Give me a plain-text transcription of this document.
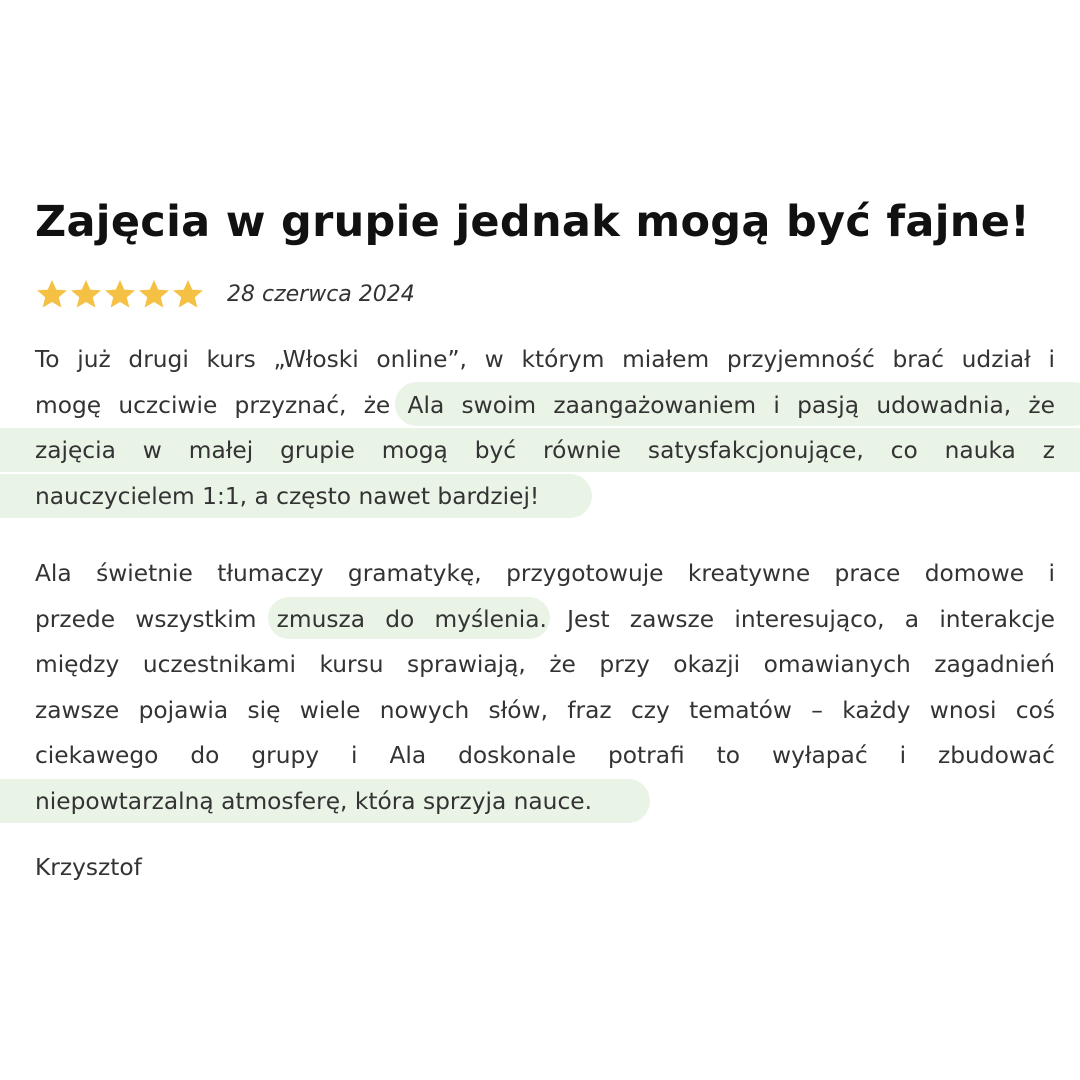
Zajęcia w grupie jednak mogą być fajne!
28 czerwca 2024
To już drugi kurs „Włoski online”, w którym miałem przyjemność brać udział i
mogę uczciwie przyznać, że Ala swoim zaangażowaniem i pasją udowadnia, że
zajęcia w małej grupie mogą być równie satysfakcjonujące, co nauka z
nauczycielem 1:1, a często nawet bardziej!
Ala świetnie tłumaczy gramatykę, przygotowuje kreatywne prace domowe i
przede wszystkim zmusza do myślenia. Jest zawsze interesująco, a interakcje
między uczestnikami kursu sprawiają, że przy okazji omawianych zagadnień
zawsze pojawia się wiele nowych słów, fraz czy tematów – każdy wnosi coś
ciekawego do grupy i Ala doskonale potrafi to wyłapać i zbudować
niepowtarzalną atmosferę, która sprzyja nauce.

Krzysztof
